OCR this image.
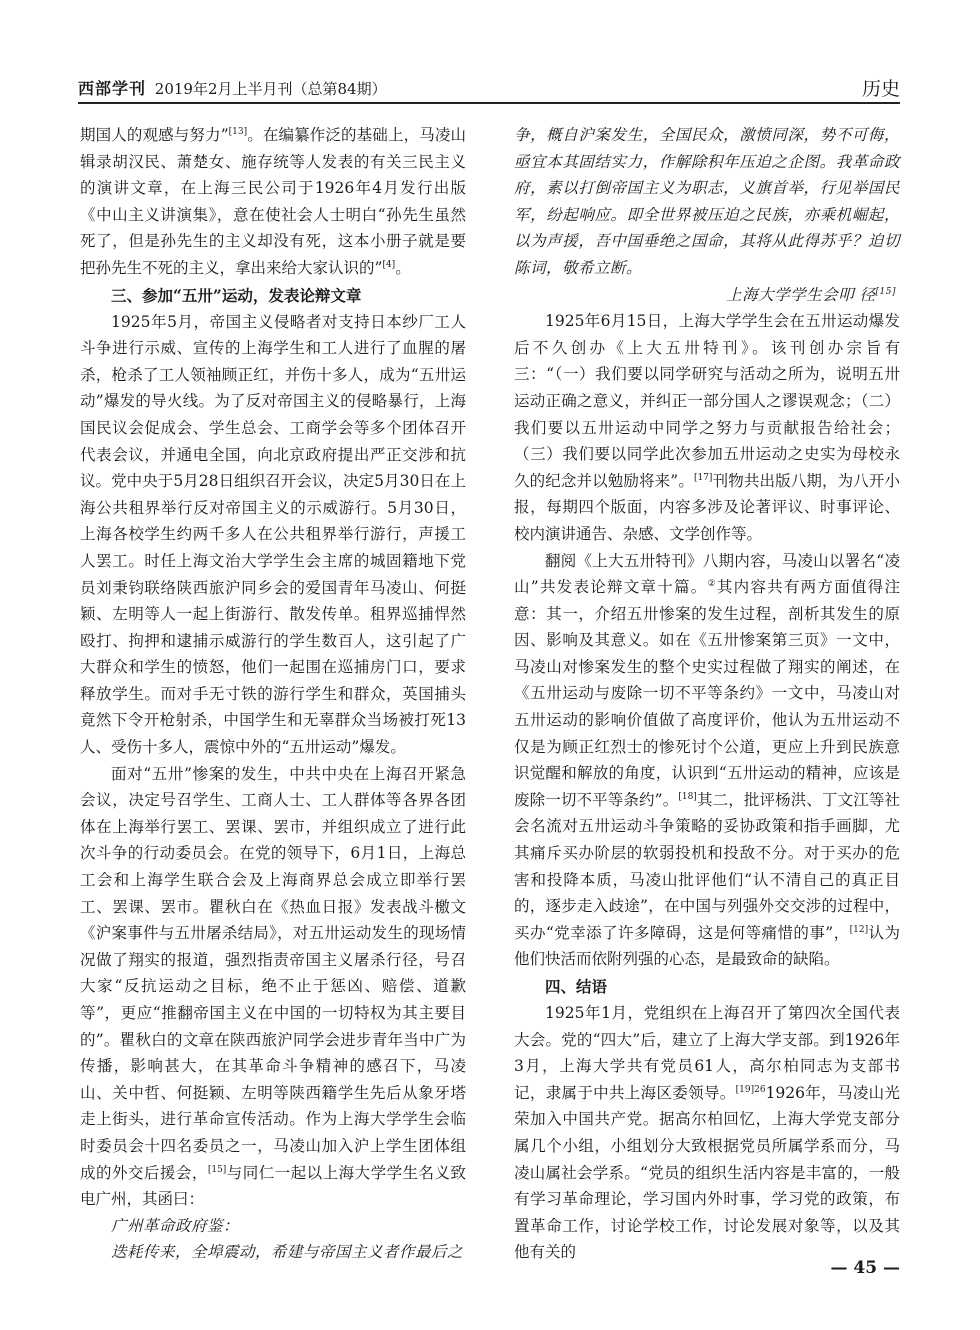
西部学刊 2019年2月上半月刊（总第84期）	历史

期国人的观感与努力”[13]。在编纂作泛的基础上，马凌山辑录胡汉民、萧楚女、施存统等人发表的有关三民主义的演讲文章，在上海三民公司于1926年4月发行出版《中山主义讲演集》，意在使社会人士明白“孙先生虽然死了，但是孙先生的主义却没有死，这本小册子就是要把孙先生不死的主义，拿出来给大家认识的”[4]。

三、参加“五卅”运动，发表论辩文章

1925年5月，帝国主义侵略者对支持日本纱厂工人斗争进行示威、宣传的上海学生和工人进行了血腥的屠杀，枪杀了工人领袖顾正红，并伤十多人，成为“五卅运动”爆发的导火线。为了反对帝国主义的侵略暴行，上海国民议会促成会、学生总会、工商学会等多个团体召开代表会议，并通电全国，向北京政府提出严正交涉和抗议。党中央于5月28日组织召开会议，决定5月30日在上海公共租界举行反对帝国主义的示威游行。5月30日，上海各校学生约两千多人在公共租界举行游行，声援工人罢工。时任上海文治大学学生会主席的城固籍地下党员刘秉钧联络陕西旅沪同乡会的爱国青年马凌山、何挺颖、左明等人一起上街游行、散发传单。租界巡捕悍然殴打、拘押和逮捕示威游行的学生数百人，这引起了广大群众和学生的愤怒，他们一起围在巡捕房门口，要求释放学生。而对手无寸铁的游行学生和群众，英国捕头竟然下令开枪射杀，中国学生和无辜群众当场被打死13人、受伤十多人，震惊中外的“五卅运动”爆发。

面对“五卅”惨案的发生，中共中央在上海召开紧急会议，决定号召学生、工商人士、工人群体等各界各团体在上海举行罢工、罢课、罢市，并组织成立了进行此次斗争的行动委员会。在党的领导下，6月1日，上海总工会和上海学生联合会及上海商界总会成立即举行罢工、罢课、罢市。瞿秋白在《热血日报》发表战斗檄文《沪案事件与五卅屠杀结局》，对五卅运动发生的现场情况做了翔实的报道，强烈指责帝国主义屠杀行径，号召大家“反抗运动之目标，绝不止于惩凶、赔偿、道歉等”，更应“推翻帝国主义在中国的一切特权为其主要目的”。瞿秋白的文章在陕西旅沪同学会进步青年当中广为传播，影响甚大，在其革命斗争精神的感召下，马凌山、关中哲、何挺颖、左明等陕西籍学生先后从象牙塔走上街头，进行革命宣传活动。作为上海大学学生会临时委员会十四名委员之一，马凌山加入沪上学生团体组成的外交后援会，[15]与同仁一起以上海大学学生名义致电广州，其函曰：

广州革命政府鉴：

迭耗传来，全埠震动，希建与帝国主义者作最后之

争，概自沪案发生，全国民众，激愤同深，势不可侮，亟宜本其固结实力，作解除积年压迫之企图。我革命政府，素以打倒帝国主义为职志，义旗首举，行见举国民军，纷起响应。即全世界被压迫之民族，亦乘机崛起，以为声援，吾中国垂绝之国命，其将从此得苏乎？迫切陈词，敬希立断。

上海大学学生会叩 径[15]

1925年6月15日，上海大学学生会在五卅运动爆发后不久创办《上大五卅特刊》。该刊创办宗旨有三：“（一）我们要以同学研究与活动之所为，说明五卅运动正确之意义，并纠正一部分国人之谬误观念；（二）我们要以五卅运动中同学之努力与贡献报告给社会；（三）我们要以同学此次参加五卅运动之史实为母校永久的纪念并以勉励将来”。[17]刊物共出版八期，为八开小报，每期四个版面，内容多涉及论著评议、时事评论、校内演讲通告、杂感、文学创作等。

翻阅《上大五卅特刊》八期内容，马凌山以署名“凌山”共发表论辩文章十篇。②其内容共有两方面值得注意：其一，介绍五卅惨案的发生过程，剖析其发生的原因、影响及其意义。如在《五卅惨案第三页》一文中，马凌山对惨案发生的整个史实过程做了翔实的阐述，在《五卅运动与废除一切不平等条约》一文中，马凌山对五卅运动的影响价值做了高度评价，他认为五卅运动不仅是为顾正红烈士的惨死讨个公道，更应上升到民族意识觉醒和解放的角度，认识到“五卅运动的精神，应该是废除一切不平等条约”。[18]其二，批评杨洪、丁文江等社会名流对五卅运动斗争策略的妥协政策和指手画脚，尤其痛斥买办阶层的软弱投机和投敌不分。对于买办的危害和投降本质，马凌山批评他们“认不清自己的真正目的，逐步走入歧途”，在中国与列强外交交涉的过程中，买办“党幸添了许多障碍，这是何等痛惜的事”，[12]认为他们快活而依附列强的心态，是最致命的缺陷。

四、结语

1925年1月，党组织在上海召开了第四次全国代表大会。党的“四大”后，建立了上海大学支部。到1926年3月，上海大学共有党员61人，高尔柏同志为支部书记，隶属于中共上海区委领导。$^{[19]26}$1926年，马凌山光荣加入中国共产党。据高尔柏回忆，上海大学党支部分属几个小组，小组划分大致根据党员所属学系而分，马凌山属社会学系。“党员的组织生活内容是丰富的，一般有学习革命理论，学习国内外时事，学习党的政策，布置革命工作，讨论学校工作，讨论发展对象等，以及其他有关的

— 45 —
